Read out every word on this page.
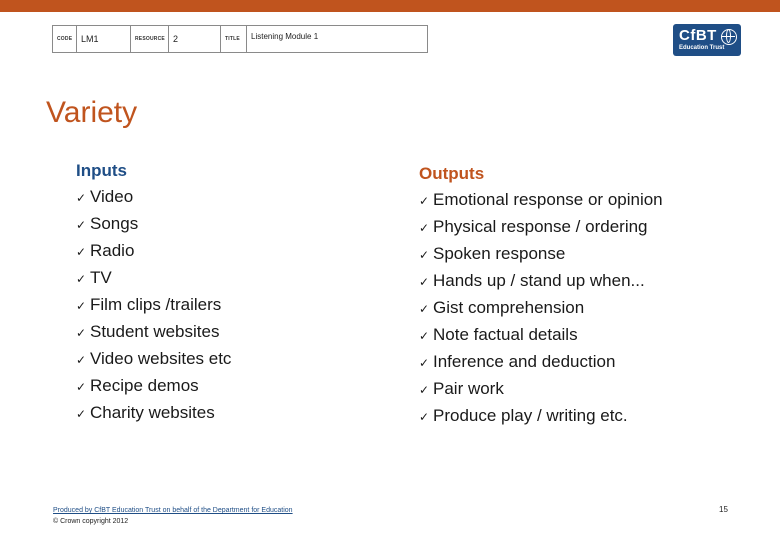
CODE LM1	RESOURCE 2	TITLE Listening Module 1	CfBT
Education Trust
Variety
Inputs
✓ Video
✓ Songs
✓ Radio
✓ TV
✓ Film clips /trailers
✓ Student websites
✓ Video websites etc
✓ Recipe demos
✓ Charity websites
Outputs
✓ Emotional response or opinion
✓ Physical response / ordering
✓ Spoken response
✓ Hands up / stand up when...
✓ Gist comprehension
✓ Note factual details
✓ Inference and deduction
✓ Pair work
✓ Produce play / writing etc.
Produced by CfBT Education Trust on behalf of the Department for Education
© Crown copyright 2012
15
